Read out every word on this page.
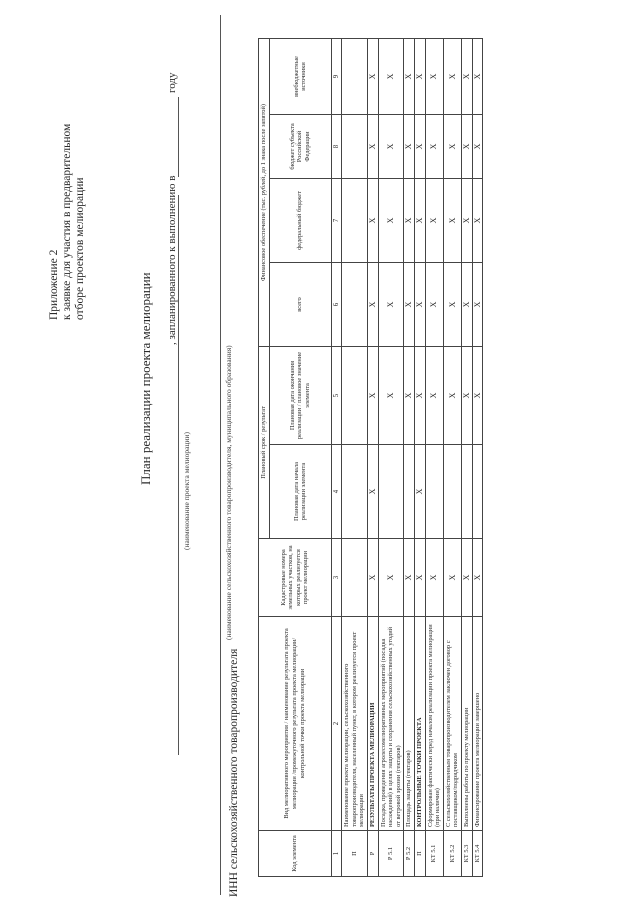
Приложение 2 к заявке для участия в предварительном отборе проектов мелиорации
План реализации проекта мелиорации
(наименование проекта мелиорации)
, запланированного к выполнению в
году
(наименование сельскохозяйственного товаропроизводителя, муниципального образования)
ИНН сельскохозяйственного товаропроизводителя	Код элемента	Вид мелиоративного мероприятия / наименование результата проекта мелиорации /промежуточного результата проекта мелиорации/ контрольной точки проекта мелиорации	Кадастровые номера земельных участков, на которых реализуется проект мелиорации	Плановый срок / результат		Финансовое обеспечение (тыс. рублей, до 1 знака после запятой)			
			Плановая дата начала реализации элемента	Плановая дата окончания реализации / плановое значение элемента	всего	федеральный бюджет	бюджет субъекта Российской Федерации	внебюджетные источники
1	2	3	4	5	6	7	8	9
П	Наименование проекта мелиорации, сельскохозяйственного товаропроизводителя, населенный пункт, в котором реализуется проект мелиорации							
Р	РЕЗУЛЬТАТЫ ПРОЕКТА МЕЛИОРАЦИИ	X	X	X	X	X	X	X
Р 5.1	Посадка, проведения агролесомелиоративных мероприятий (посадка насаждений) в целях защиты и сохранения сельскохозяйственных угодий от ветровой эрозии (гектаров)	X		X	X	X	X	X
Р 5.2	Площадь защиты (гектаров)	X		X	X	X	X	X
П	КОНТРОЛЬНЫЕ ТОЧКИ ПРОЕКТА	X	X	X	X	X	X	X
КТ 5.1	Сформирован фактически перед началом реализации проекта мелиорации (при наличии)	X		X	X	X	X	X
КТ 5.2	С сельскохозяйственным товаропроизводителем заключен договор с поставщиком/подрядчиком	X		X	X	X	X	X
КТ 5.3	Выполнены работы по проекту мелиорации	X		X	X	X	X	X
КТ 5.4	Финансирование проекта мелиорации завершено	X		X	X	X	X	X
